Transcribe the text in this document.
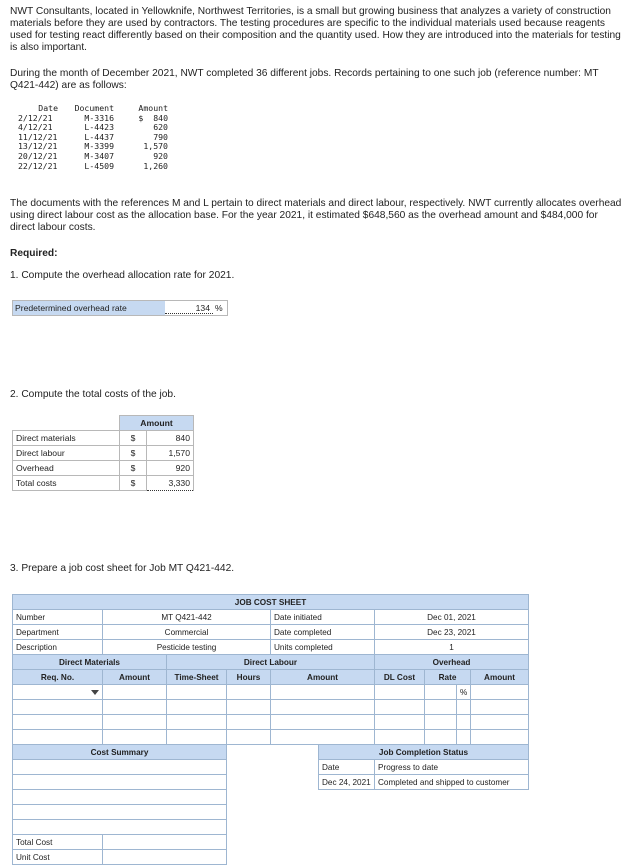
NWT Consultants, located in Yellowknife, Northwest Territories, is a small but growing business that analyzes a variety of construction materials before they are used by contractors. The testing procedures are specific to the individual materials used because reagents used for testing react differently based on their composition and the quantity used. How they are introduced into the materials for testing is also important.
During the month of December 2021, NWT completed 36 different jobs. Records pertaining to one such job (reference number: MT Q421-442) are as follows:
Date	Document	Amount
2/12/21	M-3316	$  840
4/12/21	L-4423	620
11/12/21	L-4437	790
13/12/21	M-3399	1,570
20/12/21	M-3407	920
22/12/21	L-4509	1,260
The documents with the references M and L pertain to direct materials and direct labour, respectively. NWT currently allocates overhead using direct labour cost as the allocation base. For the year 2021, it estimated $648,560 as the overhead amount and $484,000 for direct labour costs.
Required:
1. Compute the overhead allocation rate for 2021.
Predetermined overhead rate	134 %
2. Compute the total costs of the job.
	Amount	
Direct materials	$	840
Direct labour	$	1,570
Overhead	$	920
Total costs	$	3,330
3. Prepare a job cost sheet for Job MT Q421-442.
JOB COST SHEET									
Number	MT Q421-442			Date initiated		Dec 01, 2021			
Department	Commercial			Date completed		Dec 23, 2021			
Description	Pesticide testing			Units completed		1			
Direct Materials		Direct Labour				Overhead			
Req. No.	Amount	Time-Sheet	Hours	Amount		DL Cost	Rate		Amount
								%	

Cost Summary					Job Completion Status				
					Date	Progress to date			
					Dec 24, 2021	Completed and shipped to customer			

Total Cost									
Unit Cost									
